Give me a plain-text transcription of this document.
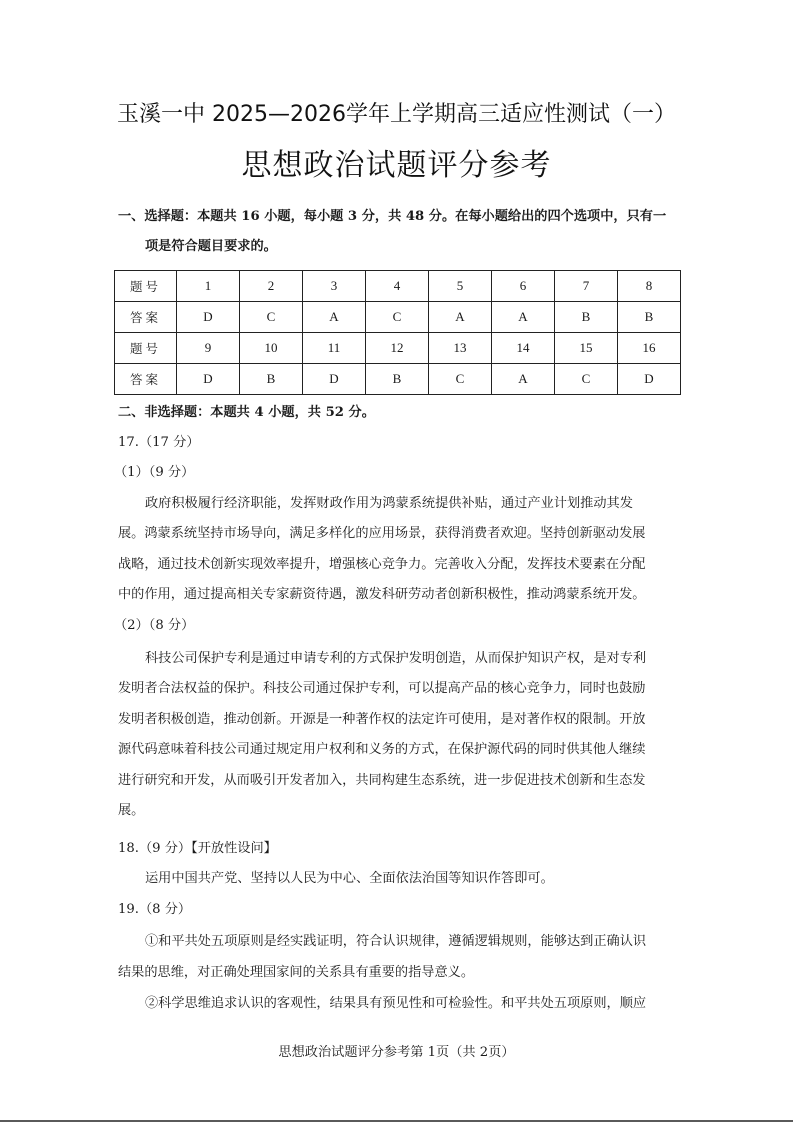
玉溪一中 2025—2026学年上学期高三适应性测试（一）
思想政治试题评分参考
一、选择题：本题共 16 小题，每小题 3 分，共 48 分。在每小题给出的四个选项中，只有一
项是符合题目要求的。
题号	1	2	3	4	5	6	7	8
答案	D	C	A	C	A	A	B	B
题号	9	10	11	12	13	14	15	16
答案	D	B	D	B	C	A	C	D
二、非选择题：本题共 4 小题，共 52 分。
17.（17 分）
（1）（9 分）
政府积极履行经济职能，发挥财政作用为鸿蒙系统提供补贴，通过产业计划推动其发
展。鸿蒙系统坚持市场导向，满足多样化的应用场景，获得消费者欢迎。坚持创新驱动发展
战略，通过技术创新实现效率提升，增强核心竞争力。完善收入分配，发挥技术要素在分配
中的作用，通过提高相关专家薪资待遇，激发科研劳动者创新积极性，推动鸿蒙系统开发。
（2）（8 分）
科技公司保护专利是通过申请专利的方式保护发明创造，从而保护知识产权，是对专利
发明者合法权益的保护。科技公司通过保护专利，可以提高产品的核心竞争力，同时也鼓励
发明者积极创造，推动创新。开源是一种著作权的法定许可使用，是对著作权的限制。开放
源代码意味着科技公司通过规定用户权利和义务的方式，在保护源代码的同时供其他人继续
进行研究和开发，从而吸引开发者加入，共同构建生态系统，进一步促进技术创新和生态发
展。
18.（9 分）【开放性设问】
运用中国共产党、坚持以人民为中心、全面依法治国等知识作答即可。
19.（8 分）
①和平共处五项原则是经实践证明，符合认识规律，遵循逻辑规则，能够达到正确认识
结果的思维，对正确处理国家间的关系具有重要的指导意义。
②科学思维追求认识的客观性，结果具有预见性和可检验性。和平共处五项原则，顺应
思想政治试题评分参考第 1页（共 2页）
